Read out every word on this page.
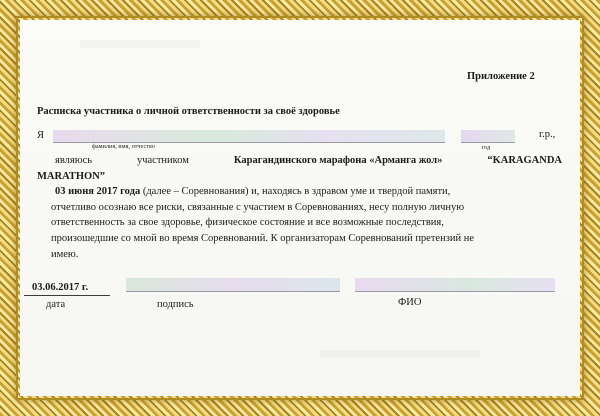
Приложение 2
Расписка участника о личной ответственности за своё здоровье
Я	г.р.,
фамилия, имя, отчество	год
являюсь	участником	Карагандинского марафона «Арманга жол»	“KARAGANDA
MARATHON”
03 июня 2017 года (далее – Соревнования) и, находясь в здравом уме и твердой памяти,
отчетливо осознаю все риски, связанные с участием в Соревнованиях, несу полную личную
ответственность за свое здоровье, физическое состояние и все возможные последствия,
произошедшие со мной во время Соревнований. К организаторам Соревнований претензий не
имею.
03.06.2017 г.
дата	подпись	ФИО
